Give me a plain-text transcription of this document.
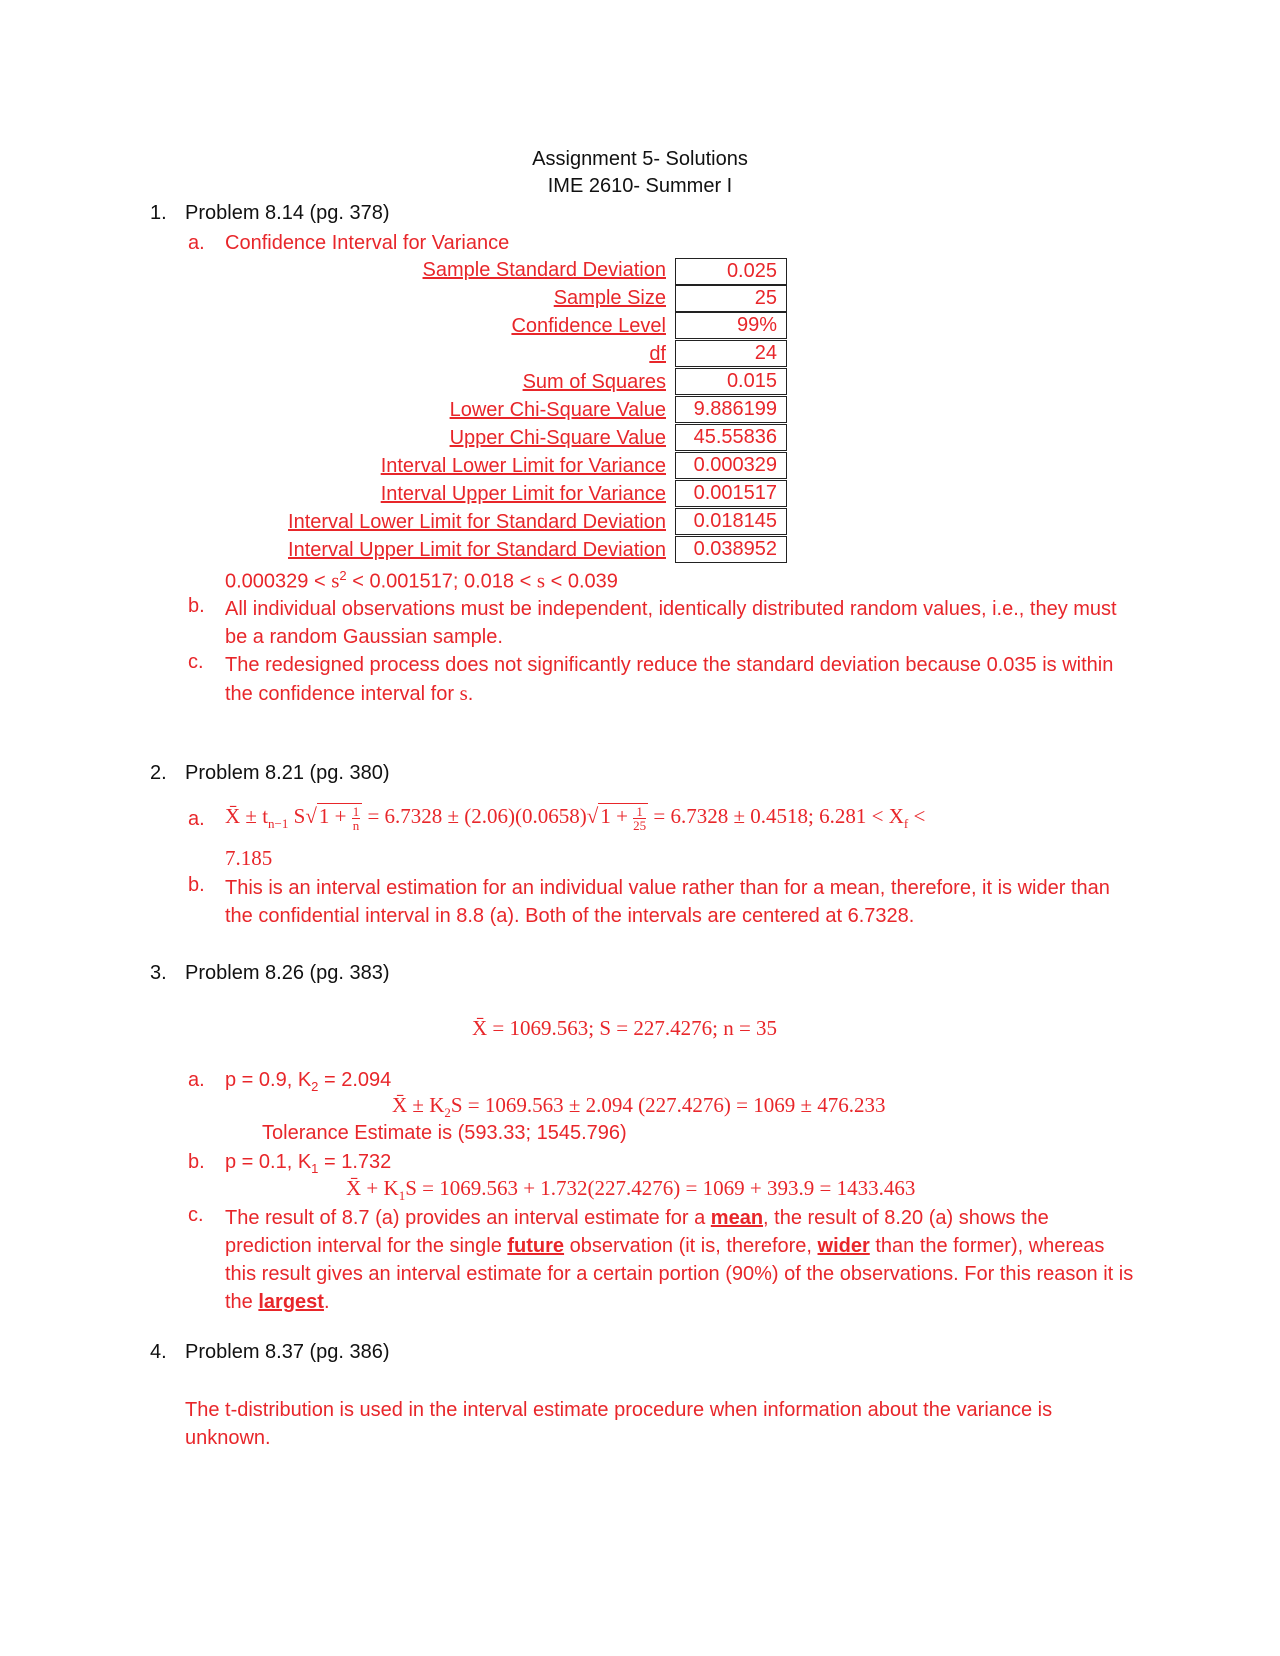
Assignment 5- Solutions
IME 2610- Summer I
1. Problem 8.14 (pg. 378)
a. Confidence Interval for Variance
Sample Standard Deviation	0.025
Sample Size	25
Confidence Level	99%
df	24
Sum of Squares	0.015
Lower Chi-Square Value	9.886199
Upper Chi-Square Value	45.55836
Interval Lower Limit for Variance	0.000329
Interval Upper Limit for Variance	0.001517
Interval Lower Limit for Standard Deviation	0.018145
Interval Upper Limit for Standard Deviation	0.038952
$0.000329 < s^2 < 0.001517$; 0.018 < s < 0.039
b. All individual observations must be independent, identically distributed random values, i.e., they must be a random Gaussian sample.
c. The redesigned process does not significantly reduce the standard deviation because 0.035 is within the confidence interval for s.
2. Problem 8.21 (pg. 380)
a. X̄ ± $t_{n-1}$ $S√1 + \frac{1}{n} = 6.7328 \pm (2.06)(0.0658)√1 + \frac{1}{25} = 6.7328 \pm 0.4518$; $6.281 < X_f$ <
7.185
b. This is an interval estimation for an individual value rather than for a mean, therefore, it is wider than the confidential interval in 8.8 (a). Both of the intervals are centered at 6.7328.
3. Problem 8.26 (pg. 383)
X̄ = 1069.563; S = 227.4276; n = 35
a. p = 0.9, $K_2 = 2.094$
X̄ ± $K_2S = 1069.563 \pm 2.094$ (227.4276) = 1069 ± 476.233
Tolerance Estimate is (593.33; 1545.796)
b. p = 0.1, $K_1 = 1.732$
X̄ + $K_1S = 1069.563 + 1.732(227.4276) = 1069 + 393.9 = 1433.463$
c. The result of 8.7 (a) provides an interval estimate for a mean, the result of 8.20 (a) shows the prediction interval for the single future observation (it is, therefore, wider than the former), whereas this result gives an interval estimate for a certain portion (90%) of the observations. For this reason it is the largest.
4. Problem 8.37 (pg. 386)
The t-distribution is used in the interval estimate procedure when information about the variance is unknown.
